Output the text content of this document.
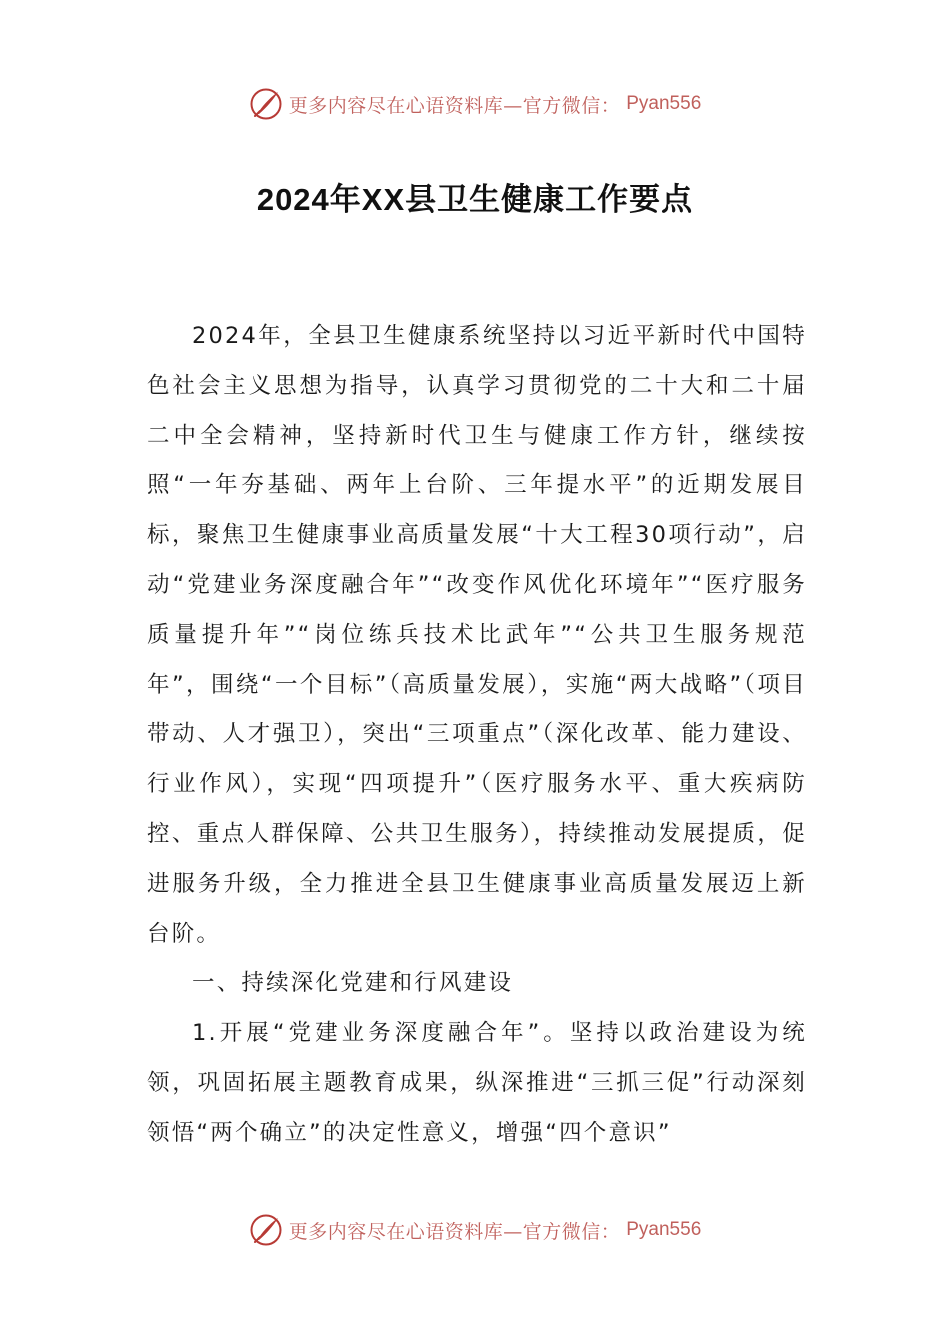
更多内容尽在心语资料库—官方微信： Pyan556
2024年XX县卫生健康工作要点

2024年，全县卫生健康系统坚持以习近平新时代中国特色社会主义思想为指导，认真学习贯彻党的二十大和二十届二中全会精神，坚持新时代卫生与健康工作方针，继续按照“一年夯基础、两年上台阶、三年提水平”的近期发展目标，聚焦卫生健康事业高质量发展“十大工程30项行动”，启动“党建业务深度融合年”“改变作风优化环境年”“医疗服务质量提升年”“岗位练兵技术比武年”“公共卫生服务规范年”，围绕“一个目标”（高质量发展），实施“两大战略”（项目带动、人才强卫），突出“三项重点”（深化改革、能力建设、行业作风），实现“四项提升”（医疗服务水平、重大疾病防控、重点人群保障、公共卫生服务），持续推动发展提质，促进服务升级，全力推进全县卫生健康事业高质量发展迈上新台阶。

一、持续深化党建和行风建设

1.开展“党建业务深度融合年”。坚持以政治建设为统领，巩固拓展主题教育成果，纵深推进“三抓三促”行动深刻领悟“两个确立”的决定性意义，增强“四个意识”

更多内容尽在心语资料库—官方微信： Pyan556
